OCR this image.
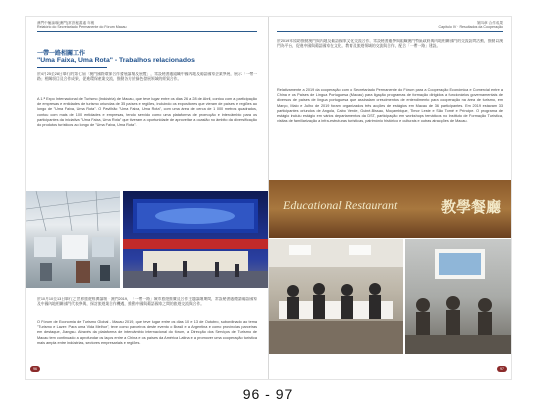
澳門中葡論壇(澳門)常設秘書處 年報
Relatório do Secretariado Permanente do Fórum Macau
一帶一路相關工作
"Uma Faixa, Uma Rota" - Trabalhos relacionados
於4月25至28日舉行的第七屆「澳門國際環保合作發展論壇及展覽」，常設秘書處組織中國內地及葡語國家企業參展，展示「一帶一路」相關項目及合作成果，促進環保產業交流，推動各方於綠色發展領域的經貿合作。
A 1.ª Expo Internacional de Turismo (Indústria) de Macau, que teve lugar entre os dias 26 a 28 de Abril, contou com a participação de empresas e entidades de turismo oriundas de 35 países e regiões, incluindo os expositores que vieram de países e regiões ao longo de "Uma Faixa, Uma Rota". O Pavilhão "Uma Faixa, Uma Rota", com uma área de cerca de 1 000 metros quadrados, contou com mais de 100 entidades e empresas, tendo servido como uma plataforma de promoção e intercâmbio para os participantes da iniciativa "Uma Faixa, Uma Rota" que tiveram a oportunidade de aproveitar a ocasião no âmbito da diversificação do produtos turísticos ao longo de "Uma Faixa, Uma Rota".
於10月10至13日舉行之世界旅遊經濟論壇‧澳門2019，「一帶一路」城市旅遊推廣及合作主題論壇期間，常設秘書處邀請葡語國家及中國內地相關部門代表參與，探討旅遊業合作機遇，推動中國與葡語國家之間的旅遊交流與合作。
O Fórum de Economia de Turismo Global - Macau 2019, que teve lugar entre os dias 10 e 13 de Outubro, subordinado ao tema "Turismo e Lazer: Para uma Vida Melhor", teve como parceiros deste evento o Brasil e a Argentina e como províncias parceiras em destaque, Jiangsu. Através da plataforma de intercâmbio internacional do fórum, a Direcção dos Serviços de Turismo de Macau tem continuado a aprofundar os laços entre a China e os países da América Latina e a promover uma cooperação turística mais ampla entre indústrias, sectores empresariais e regiões.
96
第四章 合作成果
Capítulo IV · Resultados da Cooperação
於2019年協助推動澳門與內地及葡語國家文化交流合作，常設秘書處參與組織澳門特區政府與內地相關部門的交流訪問活動，推動以澳門為平台，促進中國與葡語國家在文化、教育及旅遊領域的交流與合作，配合「一帶一路」建設。
Relativamente a 2019 da cooperação com o Secretariado Permanente do Fórum para a Cooperação Económica e Comercial entre a China e os Países de Língua Portuguesa (Macau) para ligação programas de formação dirigidos a funcionários governamentais de diversos de países de língua portuguesa que assinalam crescimentos de entendimento para cooperação na área de turismo, em Março, Maio e Julho de 2019 foram organizados três acções de estágios em Macau de 36 participantes. Em 2019 estavam 33 participantes oriundos de Angola, Cabo Verde, Guiné-Bissau, Moçambique, Timor Leste e São Tomé e Príncipe. O programa de estágio incluiu estágio em vários departamentos da DST, participação em workshops temáticos no Instituto de Formação Turística, visitas de familiarização a infra-estruturas turísticas, património histórico e culturais e outras atracções de Macau.
Educational Restaurant	教學餐廳
97
96 - 97
